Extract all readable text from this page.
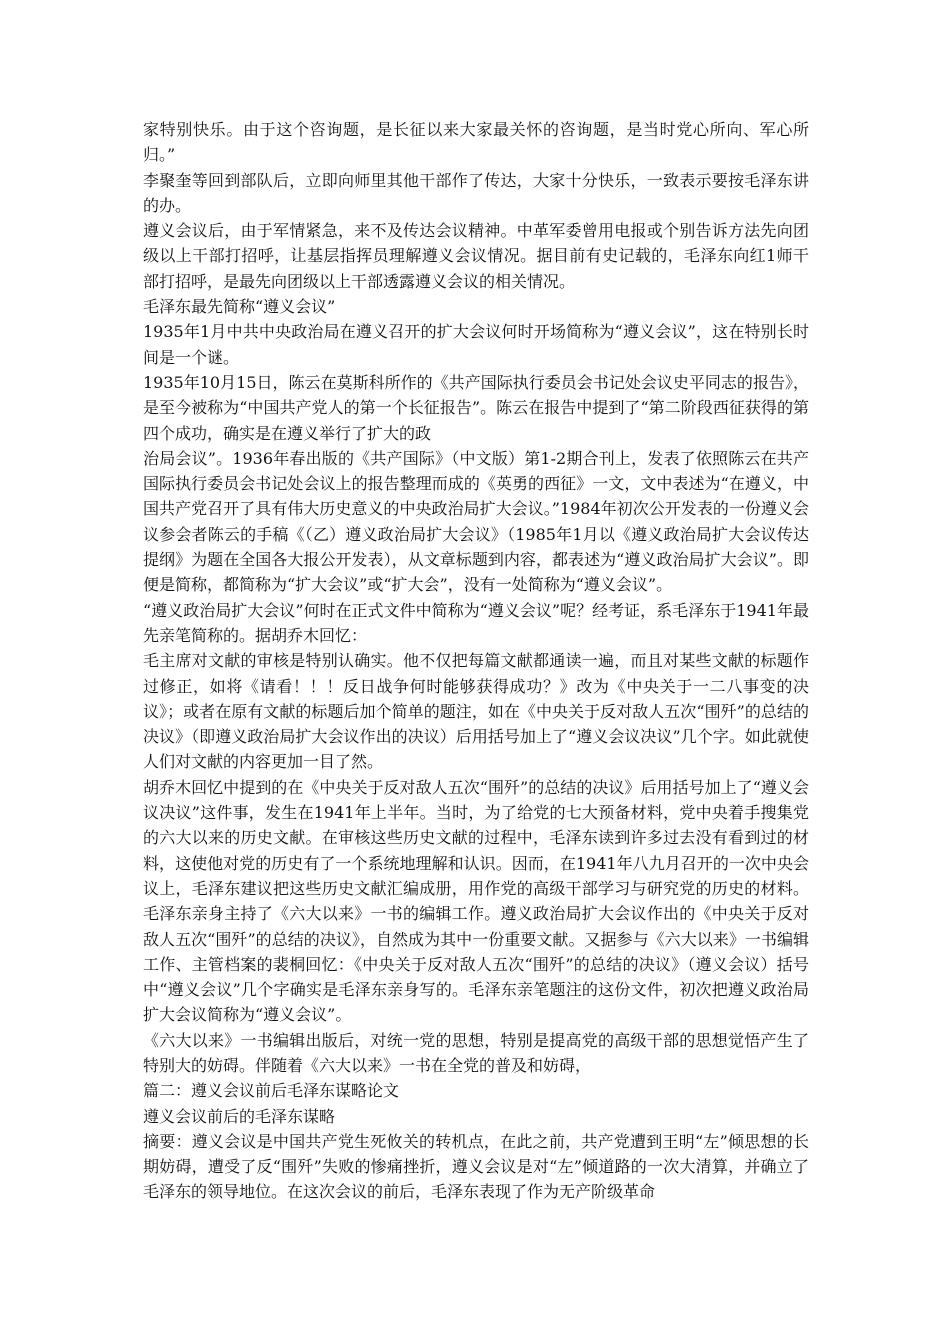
家特别快乐。由于这个咨询题，是长征以来大家最关怀的咨询题，是当时党心所向、军心所归。”

李聚奎等回到部队后，立即向师里其他干部作了传达，大家十分快乐，一致表示要按毛泽东讲的办。

遵义会议后，由于军情紧急，来不及传达会议精神。中革军委曾用电报或个别告诉方法先向团级以上干部打招呼，让基层指挥员理解遵义会议情况。据目前有史记载的，毛泽东向红1师干部打招呼，是最先向团级以上干部透露遵义会议的相关情况。

毛泽东最先简称“遵义会议”

1935年1月中共中央政治局在遵义召开的扩大会议何时开场简称为“遵义会议”，这在特别长时间是一个谜。

1935年10月15日，陈云在莫斯科所作的《共产国际执行委员会书记处会议史平同志的报告》，是至今被称为“中国共产党人的第一个长征报告”。陈云在报告中提到了“第二阶段西征获得的第四个成功，确实是在遵义举行了扩大的政

治局会议”。1936年春出版的《共产国际》（中文版）第1-2期合刊上，发表了依照陈云在共产国际执行委员会书记处会议上的报告整理而成的《英勇的西征》一文，文中表述为“在遵义，中国共产党召开了具有伟大历史意义的中央政治局扩大会议。”1984年初次公开发表的一份遵义会议参会者陈云的手稿《（乙）遵义政治局扩大会议》（1985年1月以《遵义政治局扩大会议传达提纲》为题在全国各大报公开发表），从文章标题到内容，都表述为“遵义政治局扩大会议”。即便是简称，都简称为“扩大会议”或“扩大会”，没有一处简称为“遵义会议”。

“遵义政治局扩大会议”何时在正式文件中简称为“遵义会议”呢？经考证，系毛泽东于1941年最先亲笔简称的。据胡乔木回忆：

毛主席对文献的审核是特别认确实。他不仅把每篇文献都通读一遍，而且对某些文献的标题作过修正，如将《请看！！！反日战争何时能够获得成功？》改为《中央关于一二八事变的决议》；或者在原有文献的标题后加个简单的题注，如在《中央关于反对敌人五次“围歼”的总结的决议》（即遵义政治局扩大会议作出的决议）后用括号加上了“遵义会议决议”几个字。如此就使人们对文献的内容更加一目了然。

胡乔木回忆中提到的在《中央关于反对敌人五次“围歼”的总结的决议》后用括号加上了“遵义会议决议”这件事，发生在1941年上半年。当时，为了给党的七大预备材料，党中央着手搜集党的六大以来的历史文献。在审核这些历史文献的过程中，毛泽东读到许多过去没有看到过的材料，这使他对党的历史有了一个系统地理解和认识。因而，在1941年八九月召开的一次中央会议上，毛泽东建议把这些历史文献汇编成册，用作党的高级干部学习与研究党的历史的材料。毛泽东亲身主持了《六大以来》一书的编辑工作。遵义政治局扩大会议作出的《中央关于反对敌人五次“围歼”的总结的决议》，自然成为其中一份重要文献。又据参与《六大以来》一书编辑工作、主管档案的裴桐回忆：《中央关于反对敌人五次“围歼”的总结的决议》（遵义会议）括号中“遵义会议”几个字确实是毛泽东亲身写的。毛泽东亲笔题注的这份文件，初次把遵义政治局扩大会议简称为“遵义会议”。

《六大以来》一书编辑出版后，对统一党的思想，特别是提高党的高级干部的思想觉悟产生了特别大的妨碍。伴随着《六大以来》一书在全党的普及和妨碍，

篇二：遵义会议前后毛泽东谋略论文

遵义会议前后的毛泽东谋略

摘要：遵义会议是中国共产党生死攸关的转机点，在此之前，共产党遭到王明“左”倾思想的长期妨碍，遭受了反“围歼”失败的惨痛挫折，遵义会议是对“左”倾道路的一次大清算，并确立了毛泽东的领导地位。在这次会议的前后，毛泽东表现了作为无产阶级革命
